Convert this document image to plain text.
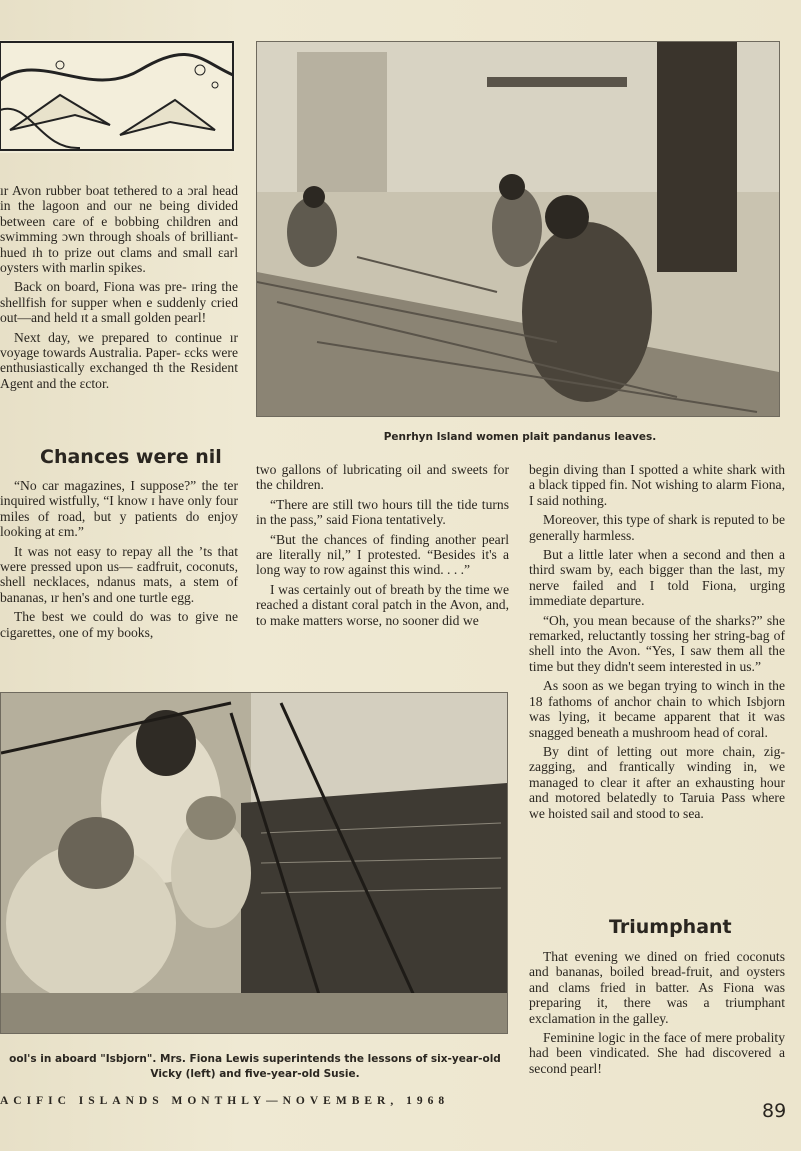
Penrhyn Island women plait pandanus leaves.

ır Avon rubber boat tethered to a ɔral head in the lagoon and our ne being divided between care of e bobbing children and swimming ɔwn through shoals of brilliant-hued ɪh to prize out clams and small ɛarl oysters with marlin spikes.

Back on board, Fiona was pre- ɪring the shellfish for supper when e suddenly cried out—and held ɪt a small golden pearl!

Next day, we prepared to continue ır voyage towards Australia. Paper- ɛcks were enthusiastically exchanged th the Resident Agent and the ɛctor.

Chances were nil

“No car magazines, I suppose?” the ter inquired wistfully, “I know ɪ have only four miles of road, but y patients do enjoy looking at ɛm.”

It was not easy to repay all the ʼts that were pressed upon us— ɛadfruit, coconuts, shell necklaces, ndanus mats, a stem of bananas, ır hen's and one turtle egg.

The best we could do was to give ne cigarettes, one of my books,

two gallons of lubricating oil and sweets for the children.

“There are still two hours till the tide turns in the pass,” said Fiona tentatively.

“But the chances of finding another pearl are literally nil,” I protested. “Besides it's a long way to row against this wind. . . .”

I was certainly out of breath by the time we reached a distant coral patch in the Avon, and, to make matters worse, no sooner did we

begin diving than I spotted a white shark with a black tipped fin. Not wishing to alarm Fiona, I said nothing.

Moreover, this type of shark is reputed to be generally harmless.

But a little later when a second and then a third swam by, each bigger than the last, my nerve failed and I told Fiona, urging immediate departure.

“Oh, you mean because of the sharks?” she remarked, reluctantly tossing her string-bag of shell into the Avon. “Yes, I saw them all the time but they didn't seem interested in us.”

As soon as we began trying to winch in the 18 fathoms of anchor chain to which Isbjorn was lying, it became apparent that it was snagged beneath a mushroom head of coral.

By dint of letting out more chain, zig-zagging, and frantically winding in, we managed to clear it after an exhausting hour and motored belatedly to Taruia Pass where we hoisted sail and stood to sea.

Triumphant

That evening we dined on fried coconuts and bananas, boiled bread-fruit, and oysters and clams fried in batter. As Fiona was preparing it, there was a triumphant exclamation in the galley.

Feminine logic in the face of mere probality had been vindicated. She had discovered a second pearl!

ool's in aboard "Isbjorn". Mrs. Fiona Lewis superintends the lessons of six-year-old
Vicky (left) and five-year-old Susie.
ACIFIC ISLANDS MONTHLY—NOVEMBER, 1968	89
